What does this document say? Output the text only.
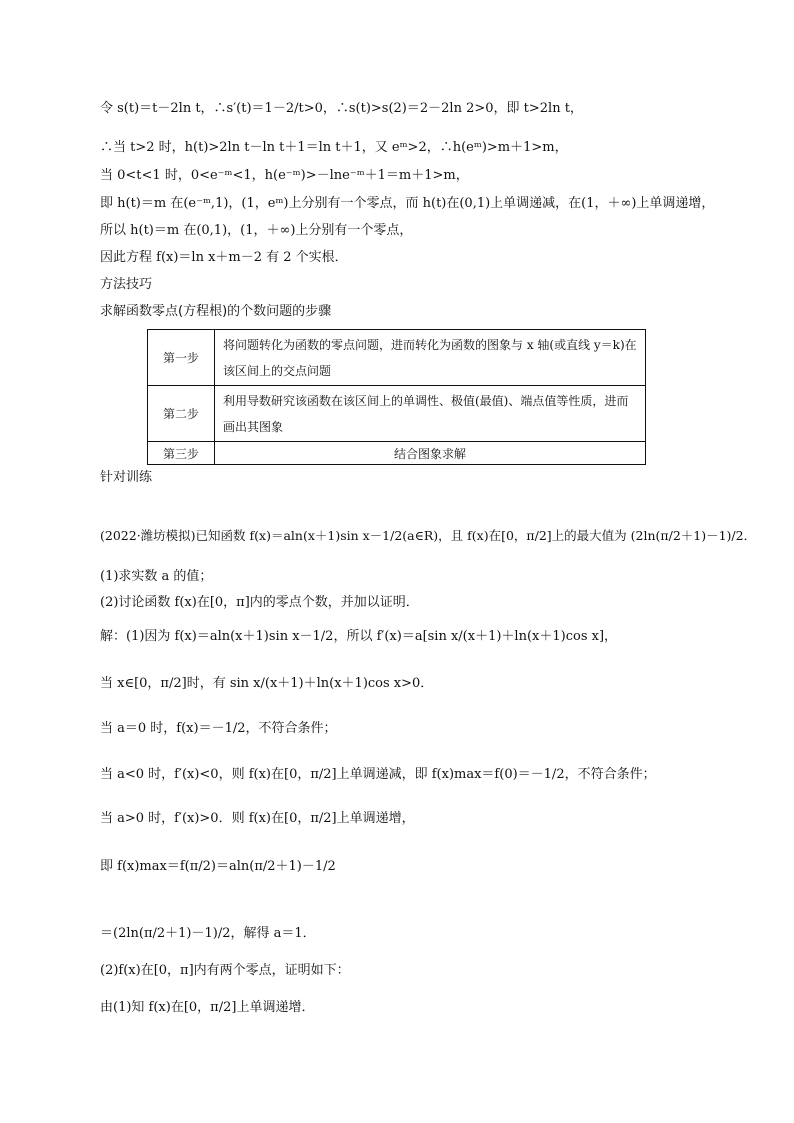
令 s(t)＝t－2ln t，∴s′(t)＝1－2/t>0，∴s(t)>s(2)＝2－2ln 2>0，即 t>2ln t，
∴当 t>2 时，h(t)>2ln t－ln t＋1＝ln t＋1，又 eᵐ>2，∴h(eᵐ)>m＋1>m，
当 0<t<1 时，0<e⁻ᵐ<1，h(e⁻ᵐ)>－lne⁻ᵐ＋1＝m＋1>m，
即 h(t)＝m 在(e⁻ᵐ,1)，(1，eᵐ)上分别有一个零点，而 h(t)在(0,1)上单调递减，在(1，＋∞)上单调递增，
所以 h(t)＝m 在(0,1)，(1，＋∞)上分别有一个零点，
因此方程 f(x)＝ln x＋m－2 有 2 个实根．
方法技巧
求解函数零点(方程根)的个数问题的步骤
第一步	将问题转化为函数的零点问题，进而转化为函数的图象与 x 轴(或直线 y＝k)在该区间上的交点问题
第二步	利用导数研究该函数在该区间上的单调性、极值(最值)、端点值等性质，进而画出其图象
第三步	结合图象求解
针对训练
(2022·潍坊模拟)已知函数 f(x)＝aln(x＋1)sin x－1/2(a∈R)，且 f(x)在[0，π/2]上的最大值为 (2ln(π/2＋1)－1)/2．
(1)求实数 a 的值；
(2)讨论函数 f(x)在[0，π]内的零点个数，并加以证明．
解：(1)因为 f(x)＝aln(x＋1)sin x－1/2，所以 f′(x)＝a[sin x/(x＋1)＋ln(x＋1)cos x]，
当 x∈[0，π/2]时，有 sin x/(x＋1)＋ln(x＋1)cos x>0．
当 a＝0 时，f(x)＝－1/2，不符合条件；
当 a<0 时，f′(x)<0，则 f(x)在[0，π/2]上单调递减，即 f(x)max＝f(0)＝－1/2，不符合条件；
当 a>0 时，f′(x)>0．则 f(x)在[0，π/2]上单调递增，
即 f(x)max＝f(π/2)＝aln(π/2＋1)－1/2
＝(2ln(π/2＋1)－1)/2，解得 a＝1．
(2)f(x)在[0，π]内有两个零点，证明如下：
由(1)知 f(x)在[0，π/2]上单调递增．
